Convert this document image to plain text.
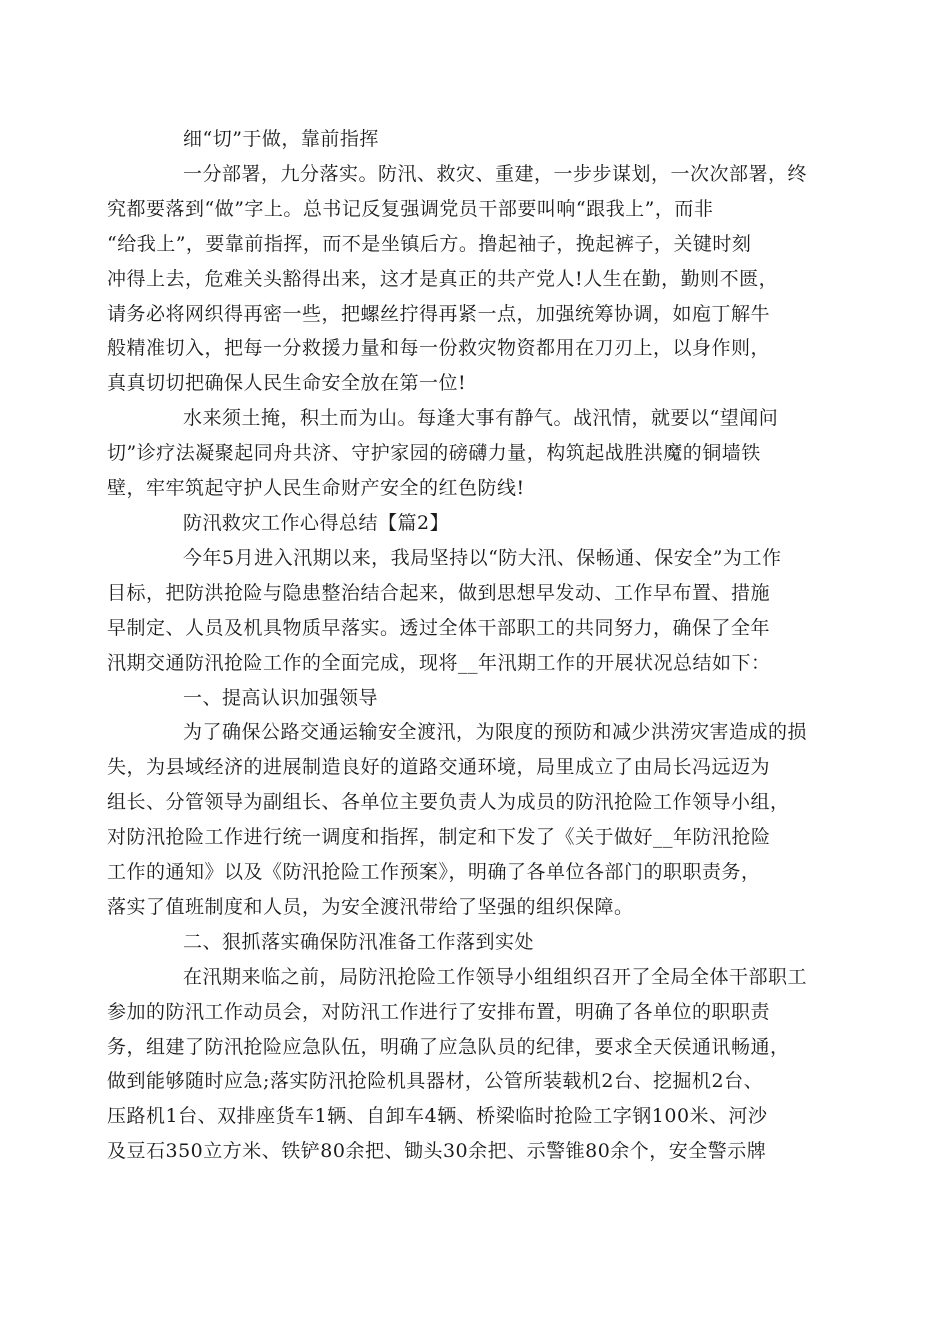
细“切”于做，靠前指挥

一分部署，九分落实。防汛、救灾、重建，一步步谋划，一次次部署，终
究都要落到“做”字上。总书记反复强调党员干部要叫响“跟我上”，而非
“给我上”，要靠前指挥，而不是坐镇后方。撸起袖子，挽起裤子，关键时刻
冲得上去，危难关头豁得出来，这才是真正的共产党人!人生在勤，勤则不匮，
请务必将网织得再密一些，把螺丝拧得再紧一点，加强统筹协调，如庖丁解牛
般精准切入，把每一分救援力量和每一份救灾物资都用在刀刃上，以身作则，
真真切切把确保人民生命安全放在第一位!

水来须土掩，积土而为山。每逢大事有静气。战汛情，就要以“望闻问
切”诊疗法凝聚起同舟共济、守护家园的磅礴力量，构筑起战胜洪魔的铜墙铁
壁，牢牢筑起守护人民生命财产安全的红色防线!

防汛救灾工作心得总结【篇2】

今年5月进入汛期以来，我局坚持以“防大汛、保畅通、保安全”为工作
目标，把防洪抢险与隐患整治结合起来，做到思想早发动、工作早布置、措施
早制定、人员及机具物质早落实。透过全体干部职工的共同努力，确保了全年
汛期交通防汛抢险工作的全面完成，现将__年汛期工作的开展状况总结如下：

一、提高认识加强领导

为了确保公路交通运输安全渡汛，为限度的预防和减少洪涝灾害造成的损
失，为县域经济的进展制造良好的道路交通环境，局里成立了由局长冯远迈为
组长、分管领导为副组长、各单位主要负责人为成员的防汛抢险工作领导小组，
对防汛抢险工作进行统一调度和指挥，制定和下发了《关于做好__年防汛抢险
工作的通知》以及《防汛抢险工作预案》，明确了各单位各部门的职职责务，
落实了值班制度和人员，为安全渡汛带给了坚强的组织保障。

二、狠抓落实确保防汛准备工作落到实处

在汛期来临之前，局防汛抢险工作领导小组组织召开了全局全体干部职工
参加的防汛工作动员会，对防汛工作进行了安排布置，明确了各单位的职职责
务，组建了防汛抢险应急队伍，明确了应急队员的纪律，要求全天侯通讯畅通，
做到能够随时应急;落实防汛抢险机具器材，公管所装载机2台、挖掘机2台、
压路机1台、双排座货车1辆、自卸车4辆、桥梁临时抢险工字钢100米、河沙
及豆石350立方米、铁铲80余把、锄头30余把、示警锥80余个，安全警示牌
